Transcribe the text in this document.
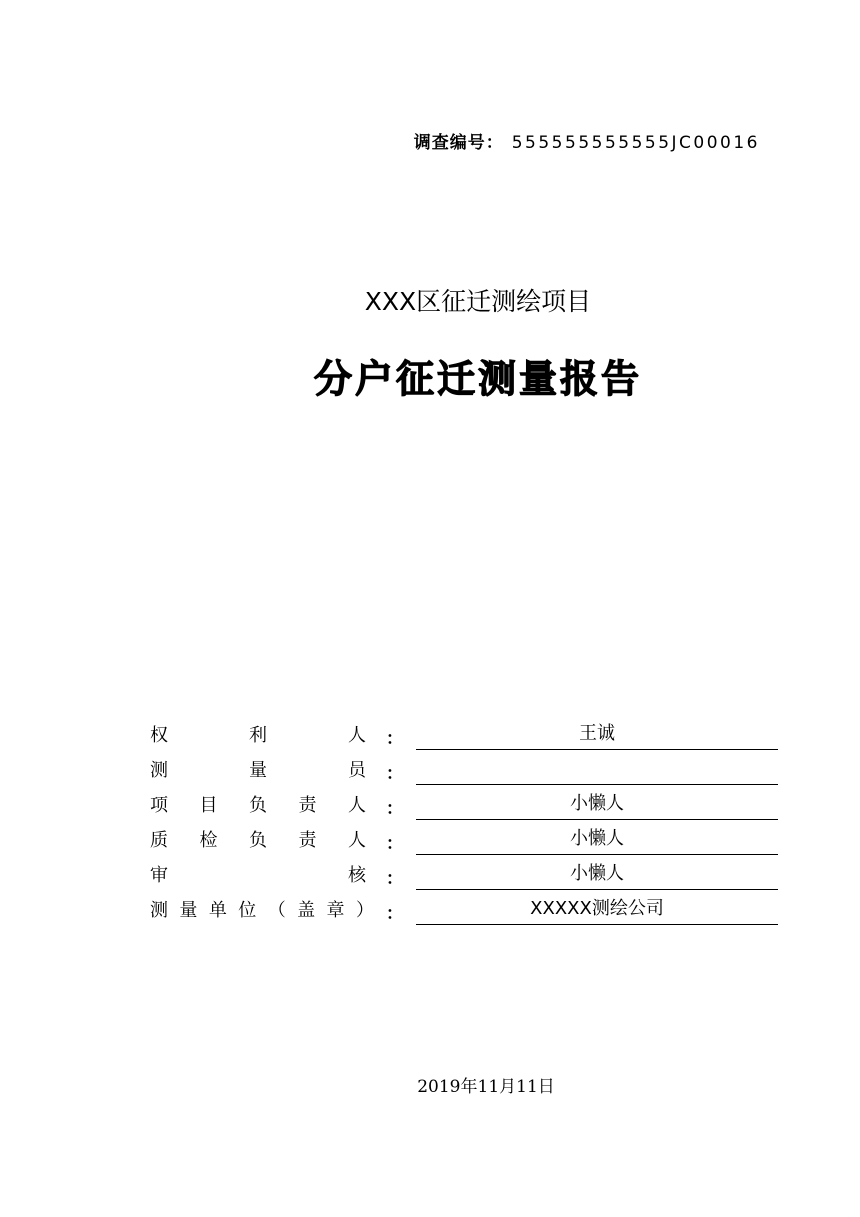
调查编号： 555555555555JC00016
XXX区征迁测绘项目
分户征迁测量报告
权	利	人 ：	王诚
测	量	员 ：
项 目 负 责 人 ：	小懒人
质 检 负 责 人 ：	小懒人
审	核 ：	小懒人
测 量 单 位 （ 盖 章 ） ：	XXXXX测绘公司
2019年11月11日
